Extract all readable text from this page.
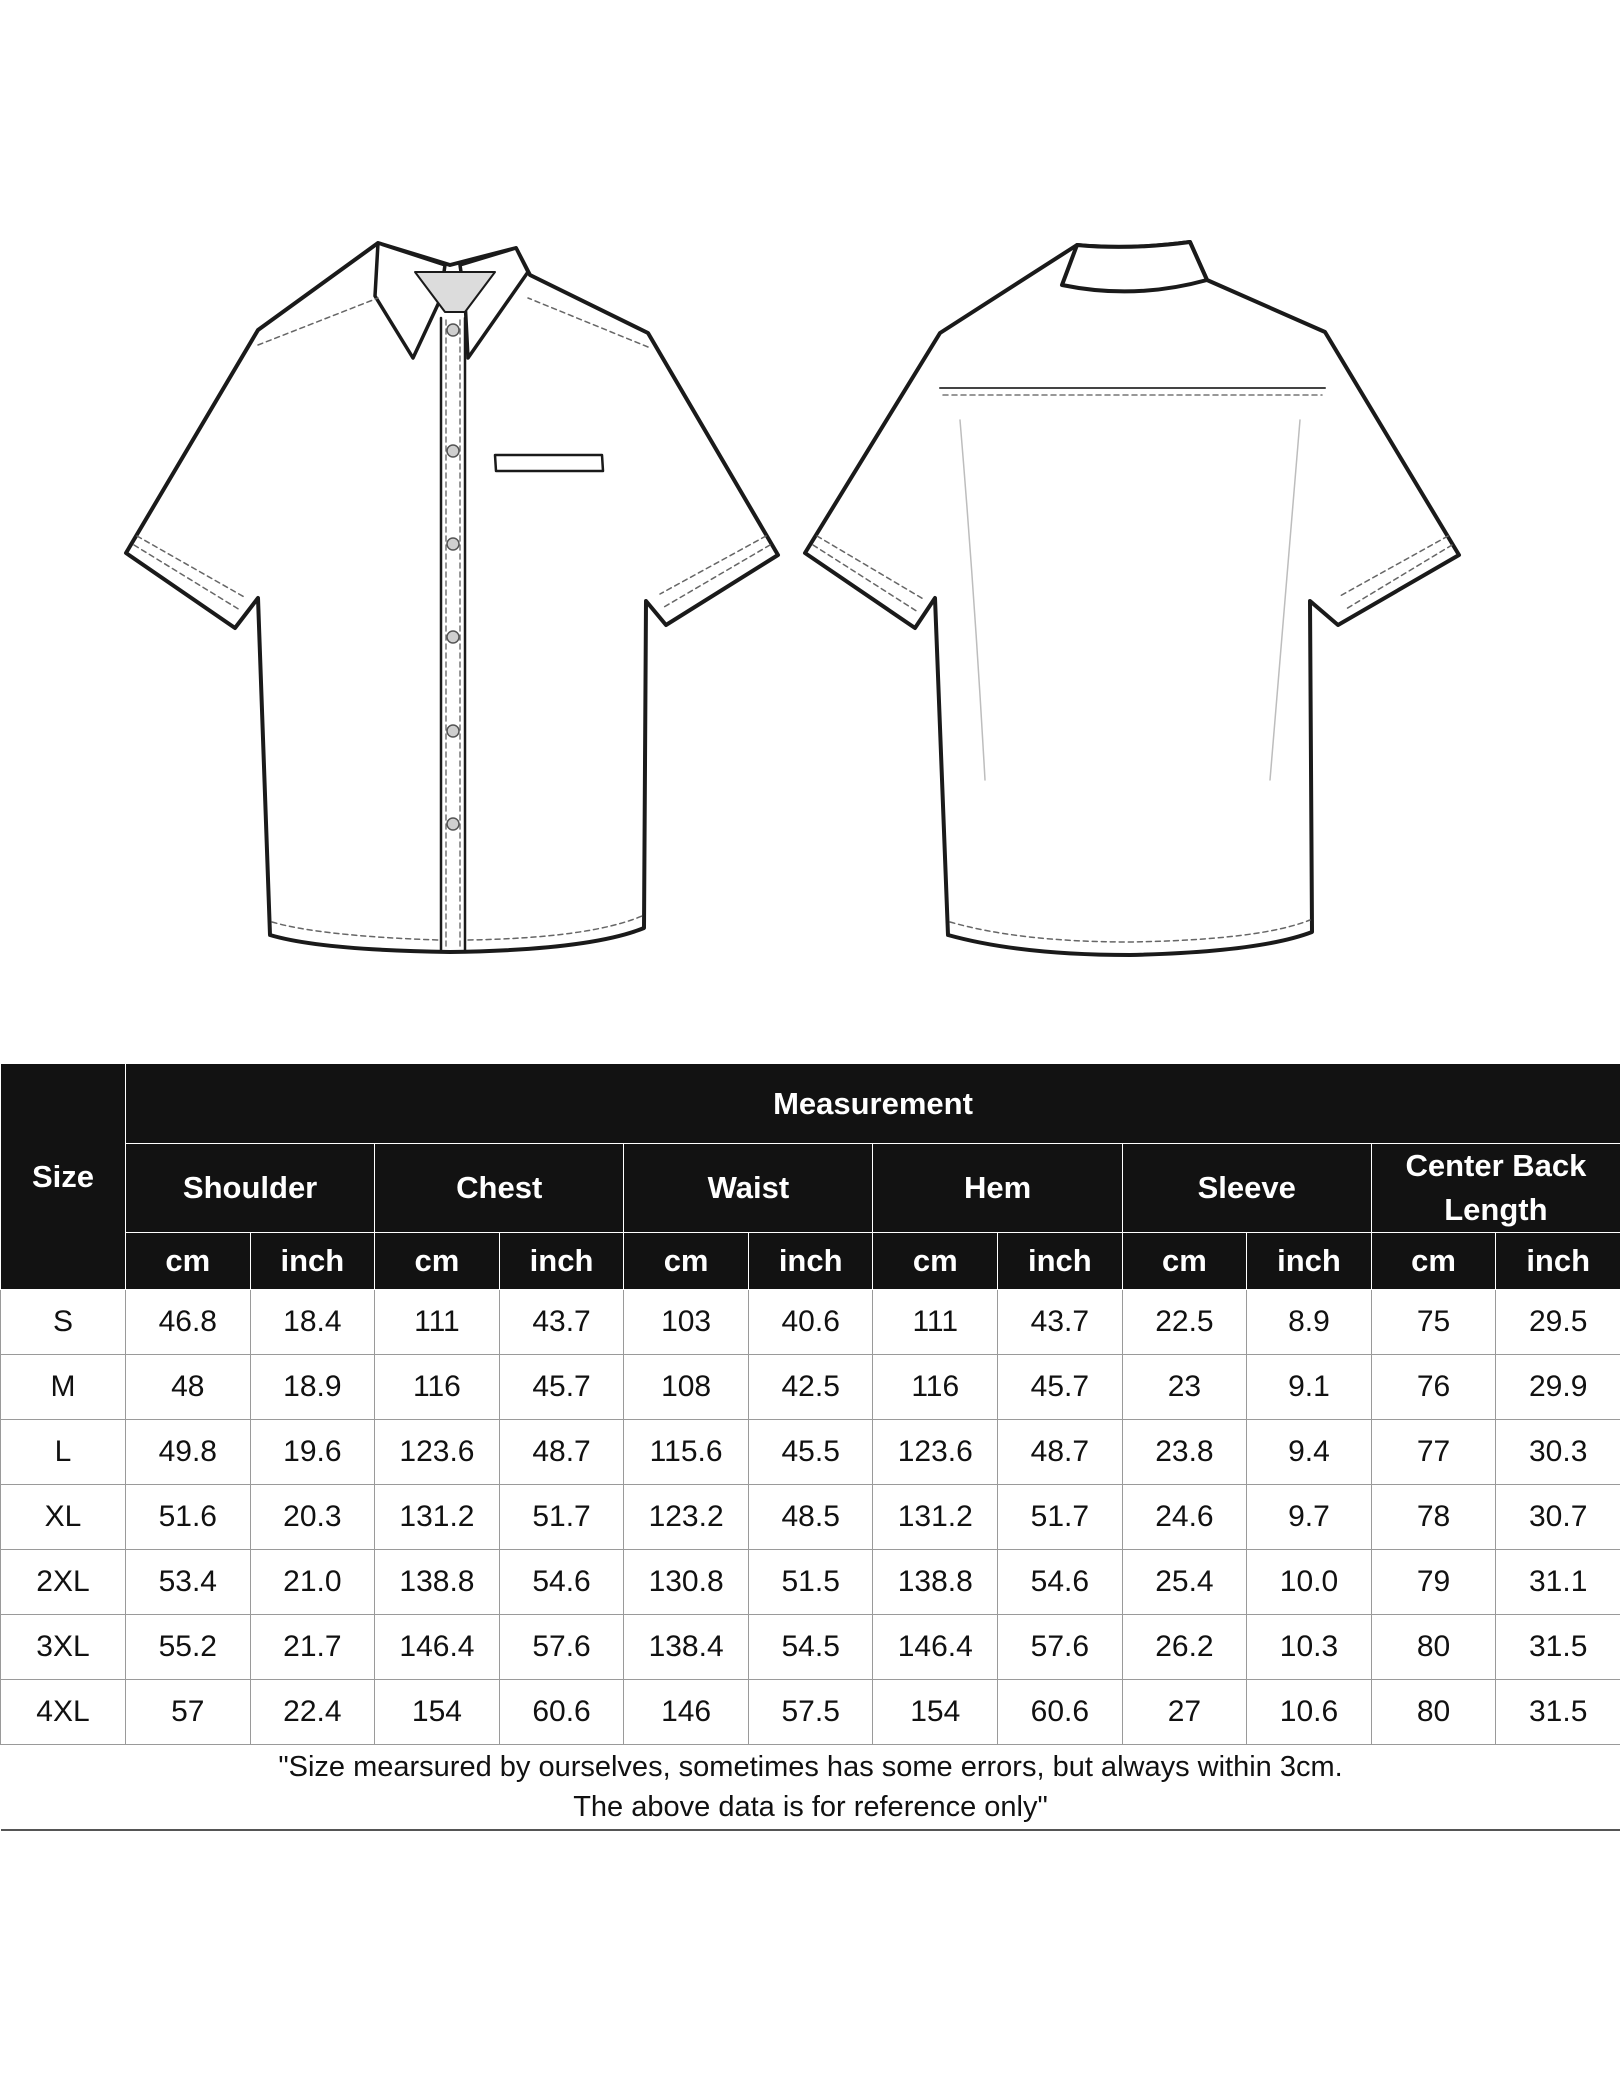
Size	Measurement											
	Shoulder		Chest		Waist		Hem		Sleeve		Center Back Length	
	cm	inch	cm	inch	cm	inch	cm	inch	cm	inch	cm	inch
S	46.8	18.4	111	43.7	103	40.6	111	43.7	22.5	8.9	75	29.5
M	48	18.9	116	45.7	108	42.5	116	45.7	23	9.1	76	29.9
L	49.8	19.6	123.6	48.7	115.6	45.5	123.6	48.7	23.8	9.4	77	30.3
XL	51.6	20.3	131.2	51.7	123.2	48.5	131.2	51.7	24.6	9.7	78	30.7
2XL	53.4	21.0	138.8	54.6	130.8	51.5	138.8	54.6	25.4	10.0	79	31.1
3XL	55.2	21.7	146.4	57.6	138.4	54.5	146.4	57.6	26.2	10.3	80	31.5
4XL	57	22.4	154	60.6	146	57.5	154	60.6	27	10.6	80	31.5

"Size mearsured by ourselves, sometimes has some errors, but always within 3cm.
The above data is for reference only"												
